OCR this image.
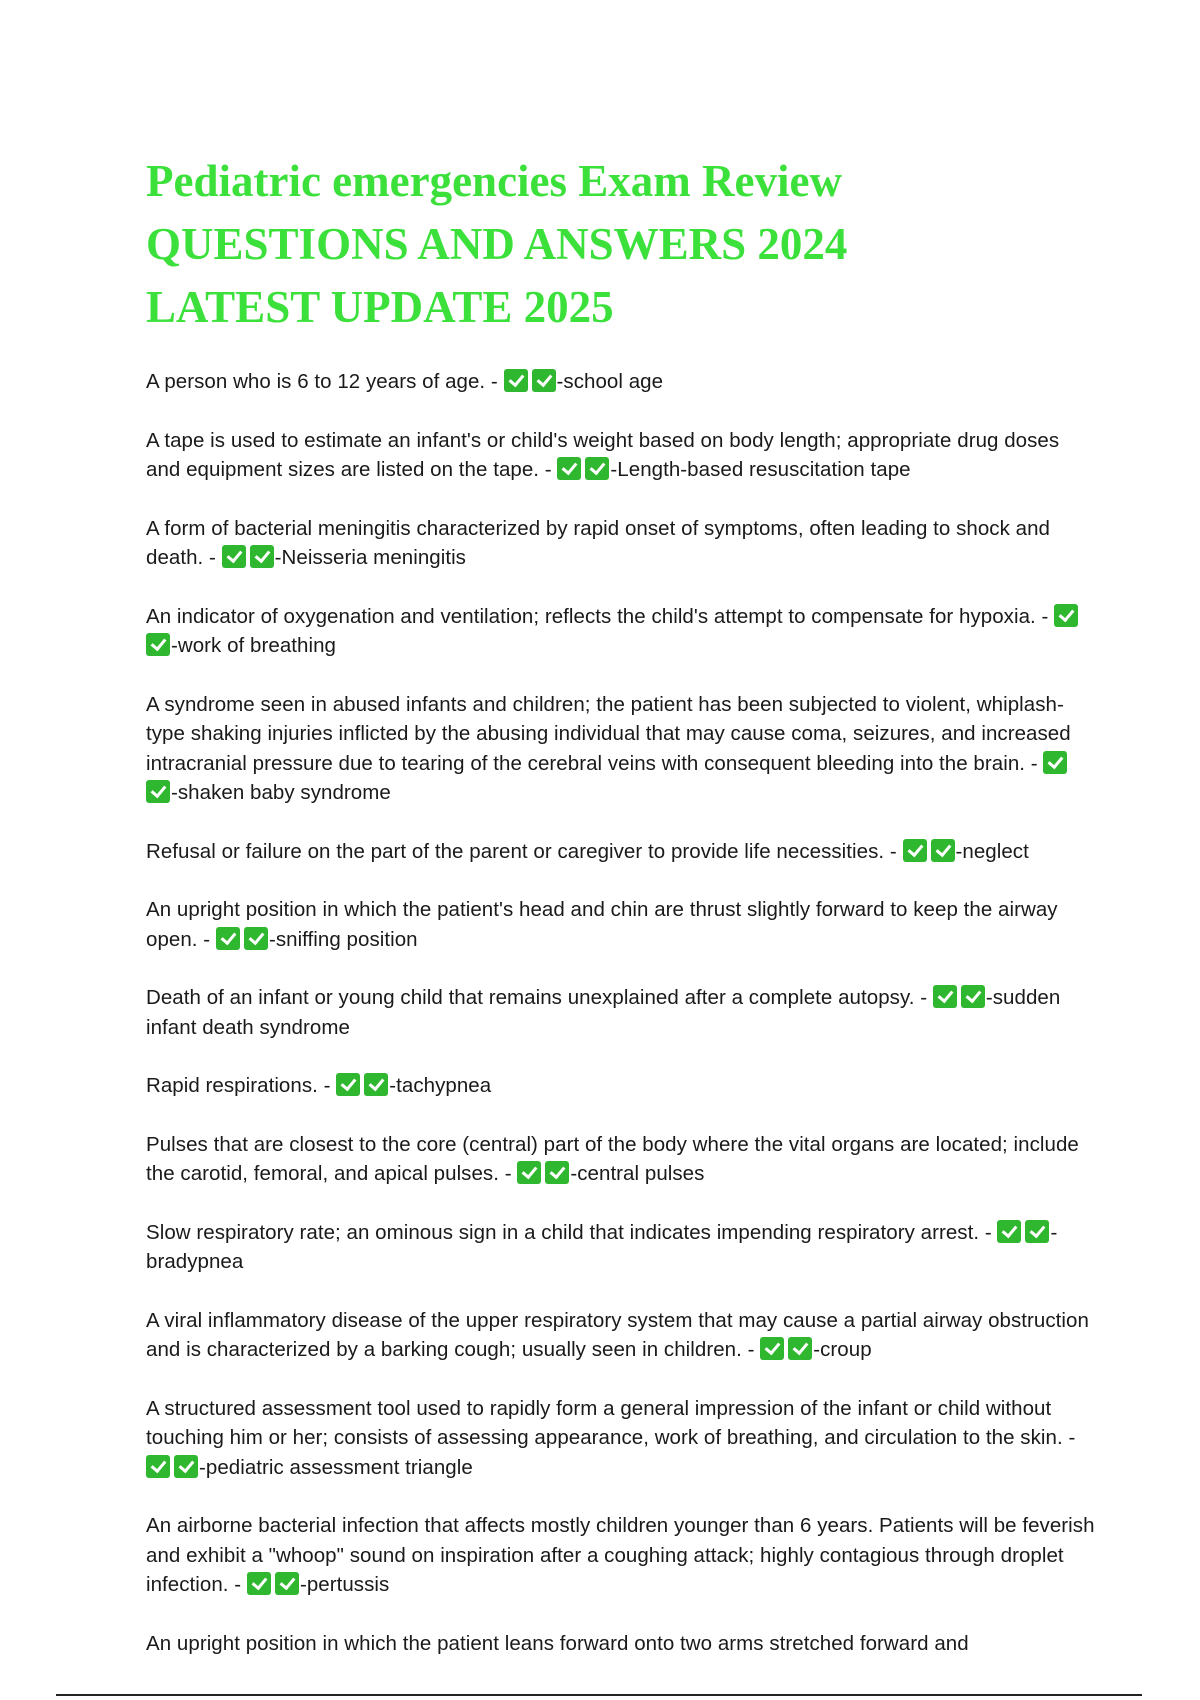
Pediatric emergencies Exam Review
QUESTIONS AND ANSWERS 2024
LATEST UPDATE 2025
A person who is 6 to 12 years of age. -	-school age
A tape is used to estimate an infant's or child's weight based on body length; appropriate drug doses and equipment sizes are listed on the tape. -	-Length-based resuscitation tape
A form of bacterial meningitis characterized by rapid onset of symptoms, often leading to shock and death. -	-Neisseria meningitis
An indicator of oxygenation and ventilation; reflects the child's attempt to compensate for hypoxia. - -work of breathing
A syndrome seen in abused infants and children; the patient has been subjected to violent, whiplash-type shaking injuries inflicted by the abusing individual that may cause coma, seizures, and increased intracranial pressure due to tearing of the cerebral veins with consequent bleeding into the brain. - -shaken baby syndrome
Refusal or failure on the part of the parent or caregiver to provide life necessities. -	-neglect
An upright position in which the patient's head and chin are thrust slightly forward to keep the airway open. -	-sniffing position
Death of an infant or young child that remains unexplained after a complete autopsy. -	-sudden infant death syndrome
Rapid respirations. -	-tachypnea
Pulses that are closest to the core (central) part of the body where the vital organs are located; include the carotid, femoral, and apical pulses. -	-central pulses
Slow respiratory rate; an ominous sign in a child that indicates impending respiratory arrest. -	-bradypnea
A viral inflammatory disease of the upper respiratory system that may cause a partial airway obstruction and is characterized by a barking cough; usually seen in children. -	-croup
A structured assessment tool used to rapidly form a general impression of the infant or child without touching him or her; consists of assessing appearance, work of breathing, and circulation to the skin. - -pediatric assessment triangle
An airborne bacterial infection that affects mostly children younger than 6 years. Patients will be feverish and exhibit a "whoop" sound on inspiration after a coughing attack; highly contagious through droplet infection. -	-pertussis
An upright position in which the patient leans forward onto two arms stretched forward and
